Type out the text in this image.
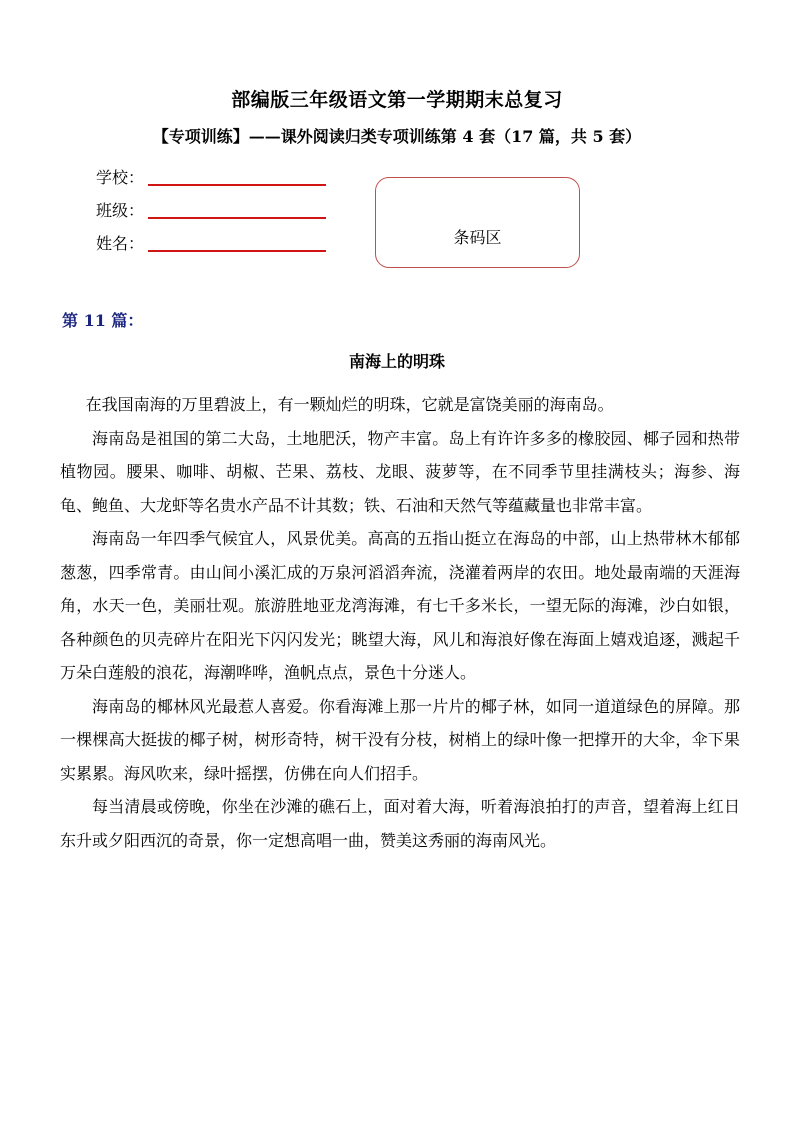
部编版三年级语文第一学期期末总复习
【专项训练】——课外阅读归类专项训练第 4 套（17 篇，共 5 套）
学校：
班级：
姓名：	条码区
第 11 篇：
南海上的明珠

在我国南海的万里碧波上，有一颗灿烂的明珠，它就是富饶美丽的海南岛。

海南岛是祖国的第二大岛，土地肥沃，物产丰富。岛上有许许多多的橡胶园、椰子园和热带植物园。腰果、咖啡、胡椒、芒果、荔枝、龙眼、菠萝等，在不同季节里挂满枝头；海参、海龟、鲍鱼、大龙虾等名贵水产品不计其数；铁、石油和天然气等蕴藏量也非常丰富。

海南岛一年四季气候宜人，风景优美。高高的五指山挺立在海岛的中部，山上热带林木郁郁葱葱，四季常青。由山间小溪汇成的万泉河滔滔奔流，浇灌着两岸的农田。地处最南端的天涯海角，水天一色，美丽壮观。旅游胜地亚龙湾海滩，有七千多米长，一望无际的海滩，沙白如银，各种颜色的贝壳碎片在阳光下闪闪发光；眺望大海，风儿和海浪好像在海面上嬉戏追逐，溅起千万朵白莲般的浪花，海潮哗哗，渔帆点点，景色十分迷人。

海南岛的椰林风光最惹人喜爱。你看海滩上那一片片的椰子林，如同一道道绿色的屏障。那一棵棵高大挺拔的椰子树，树形奇特，树干没有分枝，树梢上的绿叶像一把撑开的大伞，伞下果实累累。海风吹来，绿叶摇摆，仿佛在向人们招手。

每当清晨或傍晚，你坐在沙滩的礁石上，面对着大海，听着海浪拍打的声音，望着海上红日东升或夕阳西沉的奇景，你一定想高唱一曲，赞美这秀丽的海南风光。
